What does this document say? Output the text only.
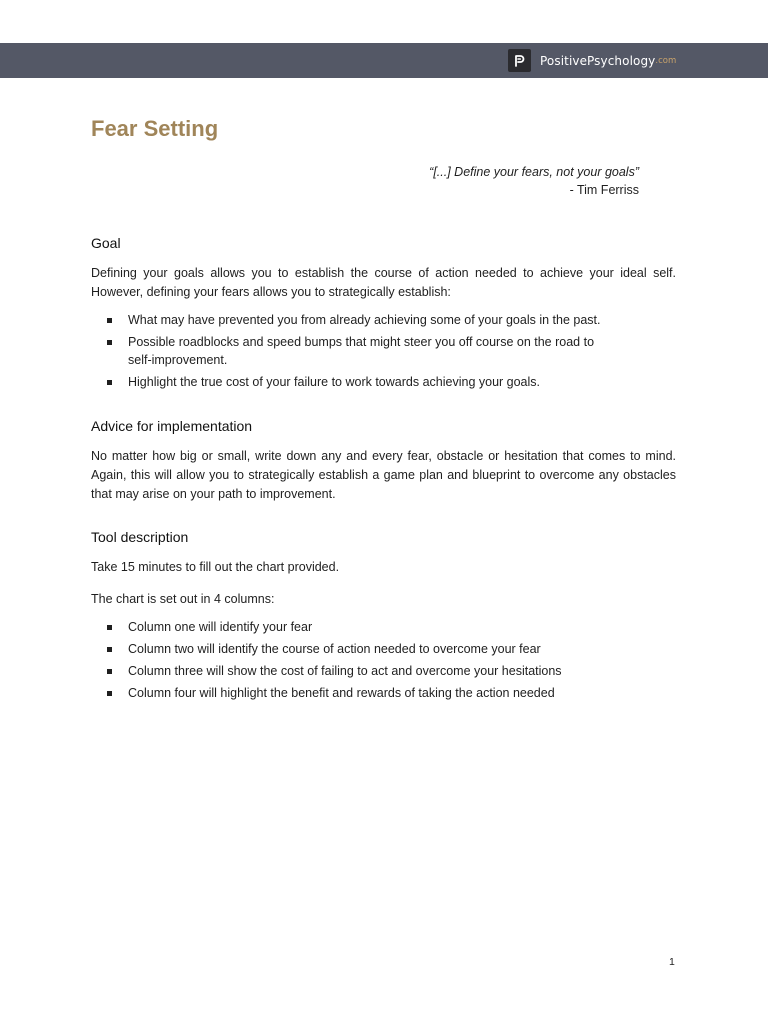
PositivePsychology .com
Fear Setting
“[...] Define your fears, not your goals”
- Tim Ferriss
Goal

Defining your goals allows you to establish the course of action needed to achieve your ideal self. However, defining your fears allows you to strategically establish:

What may have prevented you from already achieving some of your goals in the past.
Possible roadblocks and speed bumps that might steer you off course on the road to self-improvement.
Highlight the true cost of your failure to work towards achieving your goals.
Advice for implementation

No matter how big or small, write down any and every fear, obstacle or hesitation that comes to mind. Again, this will allow you to strategically establish a game plan and blueprint to overcome any obstacles that may arise on your path to improvement.

Tool description

Take 15 minutes to fill out the chart provided.

The chart is set out in 4 columns:

Column one will identify your fear
Column two will identify the course of action needed to overcome your fear
Column three will show the cost of failing to act and overcome your hesitations
Column four will highlight the benefit and rewards of taking the action needed
1
